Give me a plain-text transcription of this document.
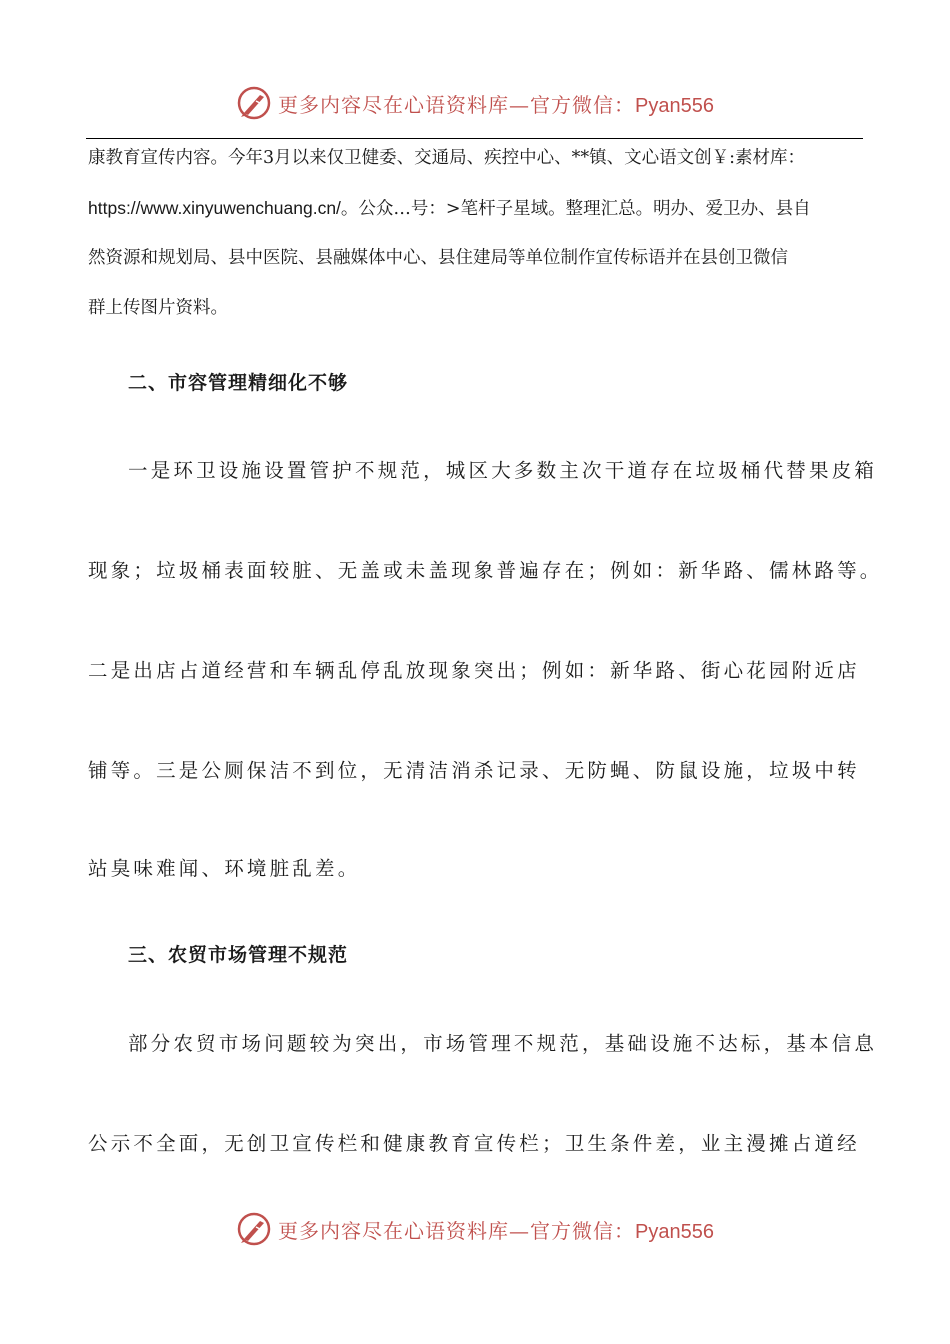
更多内容尽在心语资料库—官方微信：Pyan556
康教育宣传内容。今年3月以来仅卫健委、交通局、疾控中心、**镇、文心语文创￥:素材库：
https://www.xinyuwenchuang.cn/。公众…号：>笔杆子星域。整理汇总。明办、爱卫办、县自
然资源和规划局、县中医院、县融媒体中心、县住建局等单位制作宣传标语并在县创卫微信
群上传图片资料。
二、市容管理精细化不够
一是环卫设施设置管护不规范，城区大多数主次干道存在垃圾桶代替果皮箱
现象；垃圾桶表面较脏、无盖或未盖现象普遍存在；例如：新华路、儒林路等。
二是出店占道经营和车辆乱停乱放现象突出；例如：新华路、街心花园附近店
铺等。三是公厕保洁不到位，无清洁消杀记录、无防蝇、防鼠设施，垃圾中转
站臭味难闻、环境脏乱差。
三、农贸市场管理不规范
部分农贸市场问题较为突出，市场管理不规范，基础设施不达标，基本信息
公示不全面，无创卫宣传栏和健康教育宣传栏；卫生条件差，业主漫摊占道经
更多内容尽在心语资料库—官方微信：Pyan556
